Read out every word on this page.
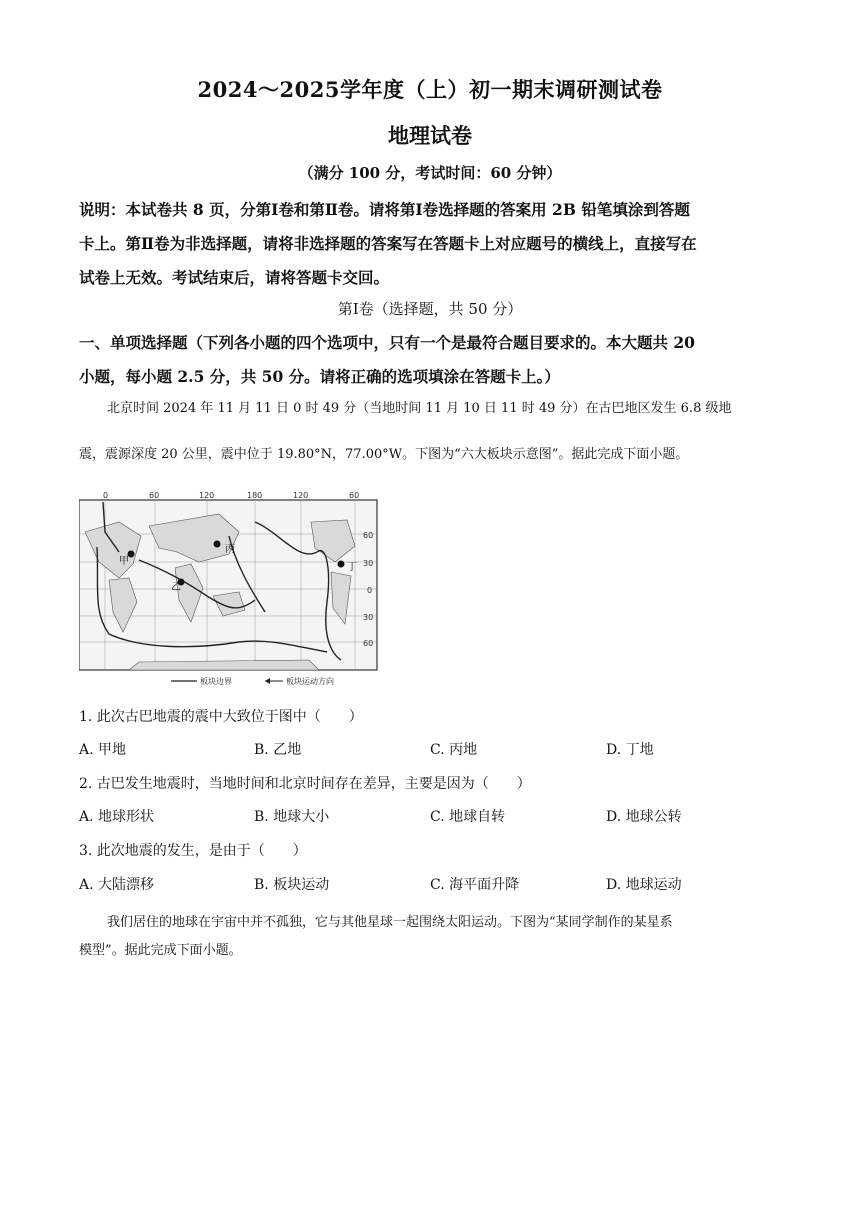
2024～2025学年度（上）初一期末调研测试卷
地理试卷
（满分 100 分，考试时间：60 分钟）
说明：本试卷共 8 页，分第Ⅰ卷和第Ⅱ卷。请将第Ⅰ卷选择题的答案用 2B 铅笔填涂到答题
卡上。第Ⅱ卷为非选择题，请将非选择题的答案写在答题卡上对应题号的横线上，直接写在
试卷上无效。考试结束后，请将答题卡交回。
第Ⅰ卷（选择题，共 50 分）
一、单项选择题（下列各小题的四个选项中，只有一个是最符合题目要求的。本大题共 20
小题，每小题 2.5 分，共 50 分。请将正确的选项填涂在答题卡上。）
北京时间 2024 年 11 月 11 日 0 时 49 分（当地时间 11 月 10 日 11 时 49 分）在古巴地区发生 6.8 级地
震，震源深度 20 公里，震中位于 19.80°N，77.00°W。下图为“六大板块示意图”。据此完成下面小题。
0	60	120	180	120	60
60
30
0
30
60
甲
乙
丙
丁
板块边界	板块运动方向
1. 此次古巴地震的震中大致位于图中（　　）
A. 甲地	B. 乙地	C. 丙地	D. 丁地
2. 古巴发生地震时，当地时间和北京时间存在差异，主要是因为（　　）
A. 地球形状	B. 地球大小	C. 地球自转	D. 地球公转
3. 此次地震的发生，是由于（　　）
A. 大陆漂移	B. 板块运动	C. 海平面升降	D. 地球运动
我们居住的地球在宇宙中并不孤独，它与其他星球一起围绕太阳运动。下图为“某同学制作的某星系
模型”。据此完成下面小题。
